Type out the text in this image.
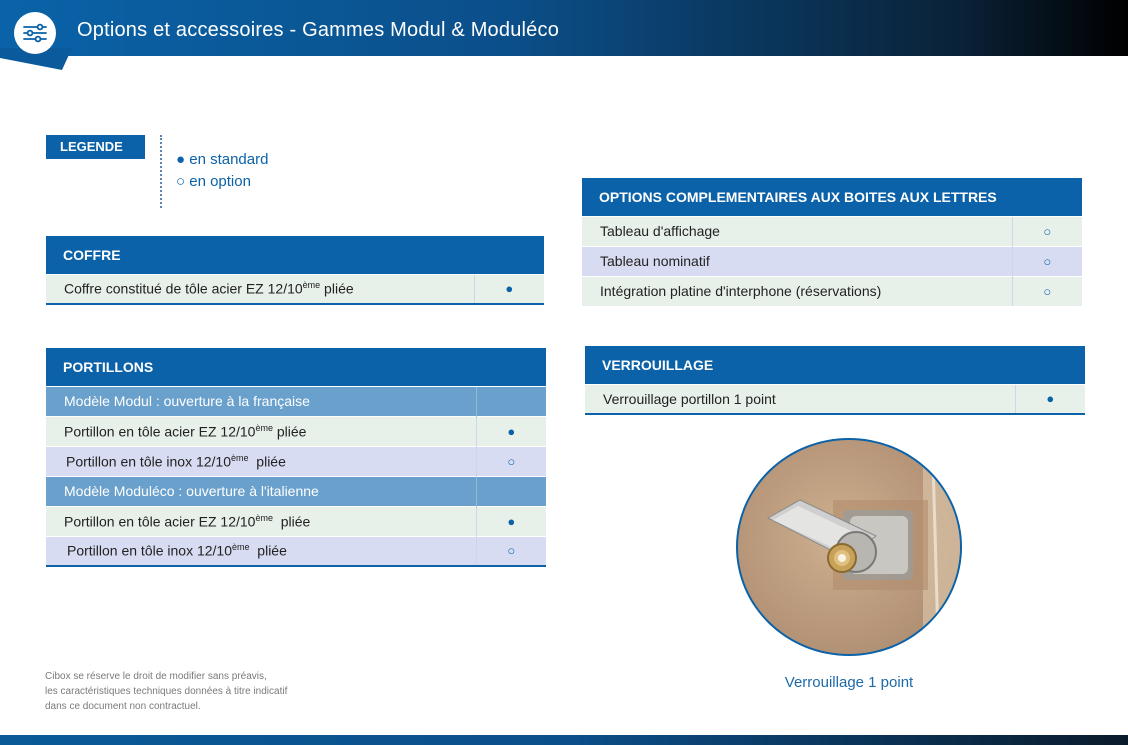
Options et accessoires - Gammes Modul & Moduléco
LEGENDE
● en standard
○ en option
COFFRE
Coffre constitué de tôle acier EZ 12/10ème pliée	●
PORTILLONS	
Modèle Modul : ouverture à la française	
Portillon en tôle acier EZ 12/10ème pliée	●
Portillon en tôle inox 12/10ème  pliée	○
Modèle Moduléco : ouverture à l'italienne	
Portillon en tôle acier EZ 12/10ème  pliée	●
Portillon en tôle inox 12/10ème  pliée	○
OPTIONS COMPLEMENTAIRES AUX BOITES AUX LETTRES	
Tableau d'affichage	○
Tableau nominatif	○
Intégration platine d'interphone (réservations)	○
VERROUILLAGE
Verrouillage portillon 1 point	●
Verrouillage 1 point
Cibox se réserve le droit de modifier sans préavis,
les caractéristiques techniques données à titre indicatif
dans ce document non contractuel.
